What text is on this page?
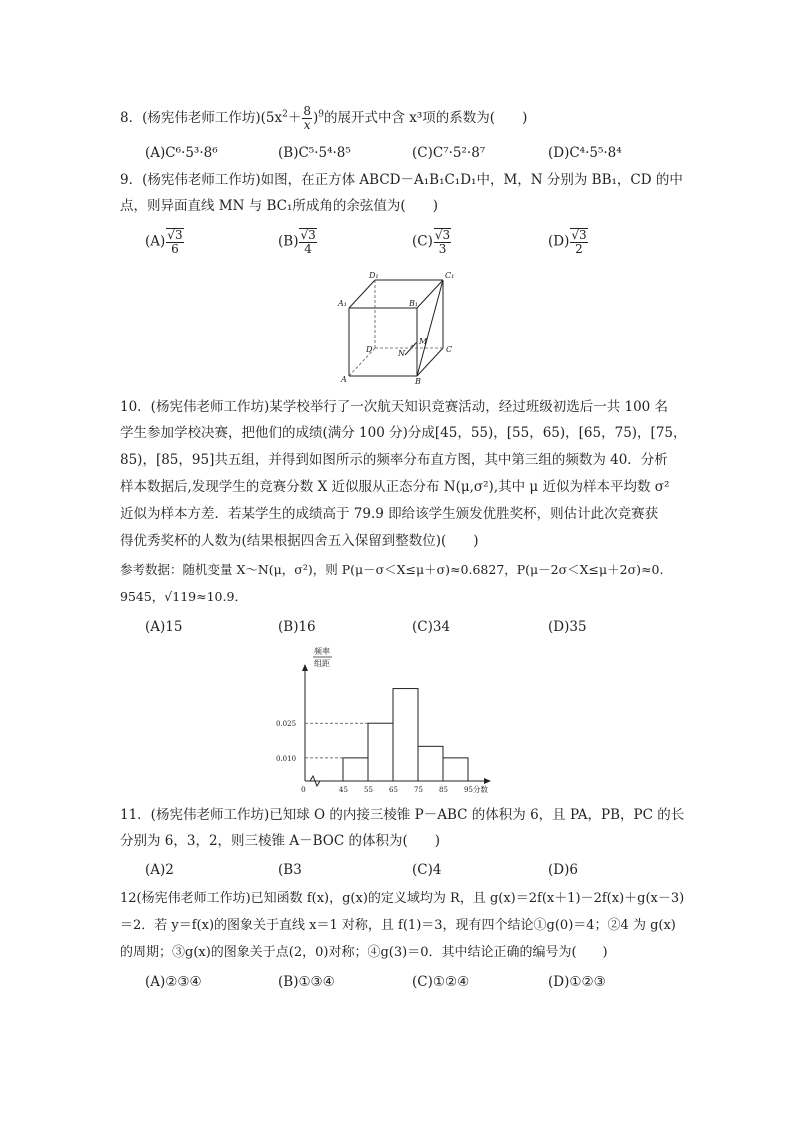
8．(杨宪伟老师工作坊)$(5x^2+ \frac{8}{x} )^9$的展开式中含 x³项的系数为(　　)
(A)C⁶·5³·8⁶	(B)C⁵·5⁴·8⁵	(C)C⁷·5²·8⁷	(D)C⁴·5⁵·8⁴
9．(杨宪伟老师工作坊)如图，在正方体 ABCD－A₁B₁C₁D₁中，M，N 分别为 BB₁，CD 的中
点，则异面直线 MN 与 BC₁所成角的余弦值为(　　)
$(A) \frac{√3}{6}$	$(B) \frac{√3}{4}$	$(C) \frac{√3}{3}$	$(D) \frac{√3}{2}$
D₁	C₁
A₁	B₁
D	C
A	B
M
N
10．(杨宪伟老师工作坊)某学校举行了一次航天知识竞赛活动，经过班级初选后一共 100 名
学生参加学校决赛，把他们的成绩(满分 100 分)分成[45，55)，[55，65)，[65，75)，[75，
85)，[85，95]共五组，并得到如图所示的频率分布直方图，其中第三组的频数为 40．分析
样本数据后,发现学生的竞赛分数 X 近似服从正态分布 N(μ,σ²),其中 μ 近似为样本平均数 σ²
近似为样本方差．若某学生的成绩高于 79.9 即给该学生颁发优胜奖杯，则估计此次竞赛获
得优秀奖杯的人数为(结果根据四舍五入保留到整数位)(　　)
参考数据：随机变量 X～N(μ，σ²)，则 P(μ－σ＜X≤μ＋σ)≈0.6827，P(μ－2σ＜X≤μ＋2σ)≈0.
9545，√119≈10.9．
(A)15	(B)16	(C)34	(D)35
频率
组距
分数
0
0.025
0.010
45 55 65 75 85 95
11．(杨宪伟老师工作坊)已知球 O 的内接三棱锥 P－ABC 的体积为 6，且 PA，PB，PC 的长
分别为 6，3，2，则三棱锥 A－BOC 的体积为(　　)
(A)2	(B3	(C)4	(D)6
12(杨宪伟老师工作坊)已知函数 f(x)，g(x)的定义域均为 R，且 g(x)＝2f(x＋1)－2f(x)＋g(x－3)
＝2．若 y＝f(x)的图象关于直线 x＝1 对称，且 f(1)＝3，现有四个结论①g(0)＝4；②4 为 g(x)
的周期；③g(x)的图象关于点(2，0)对称；④g(3)＝0．其中结论正确的编号为(　　)
(A)②③④	(B)①③④	(C)①②④	(D)①②③
